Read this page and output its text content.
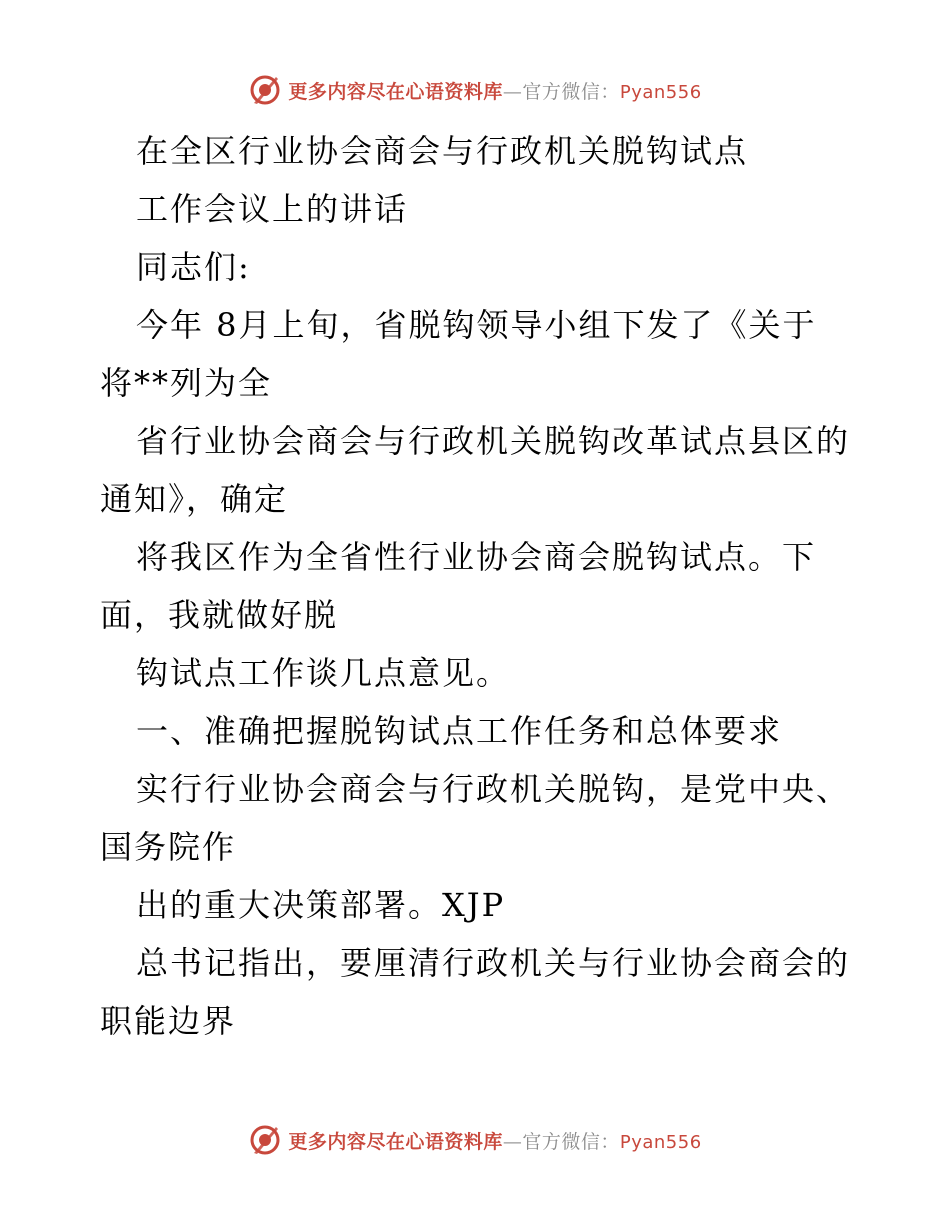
更多内容尽在心语资料库—官方微信：Pyan556
在全区行业协会商会与行政机关脱钩试点
工作会议上的讲话
同志们:
今年 8月上旬，省脱钩领导小组下发了《关于
将**列为全
省行业协会商会与行政机关脱钩改革试点县区的
通知》，确定
将我区作为全省性行业协会商会脱钩试点。下
面，我就做好脱
钩试点工作谈几点意见。
一、准确把握脱钩试点工作任务和总体要求
实行行业协会商会与行政机关脱钩，是党中央、
国务院作
出的重大决策部署。XJP
总书记指出，要厘清行政机关与行业协会商会的
职能边界
更多内容尽在心语资料库—官方微信：Pyan556
